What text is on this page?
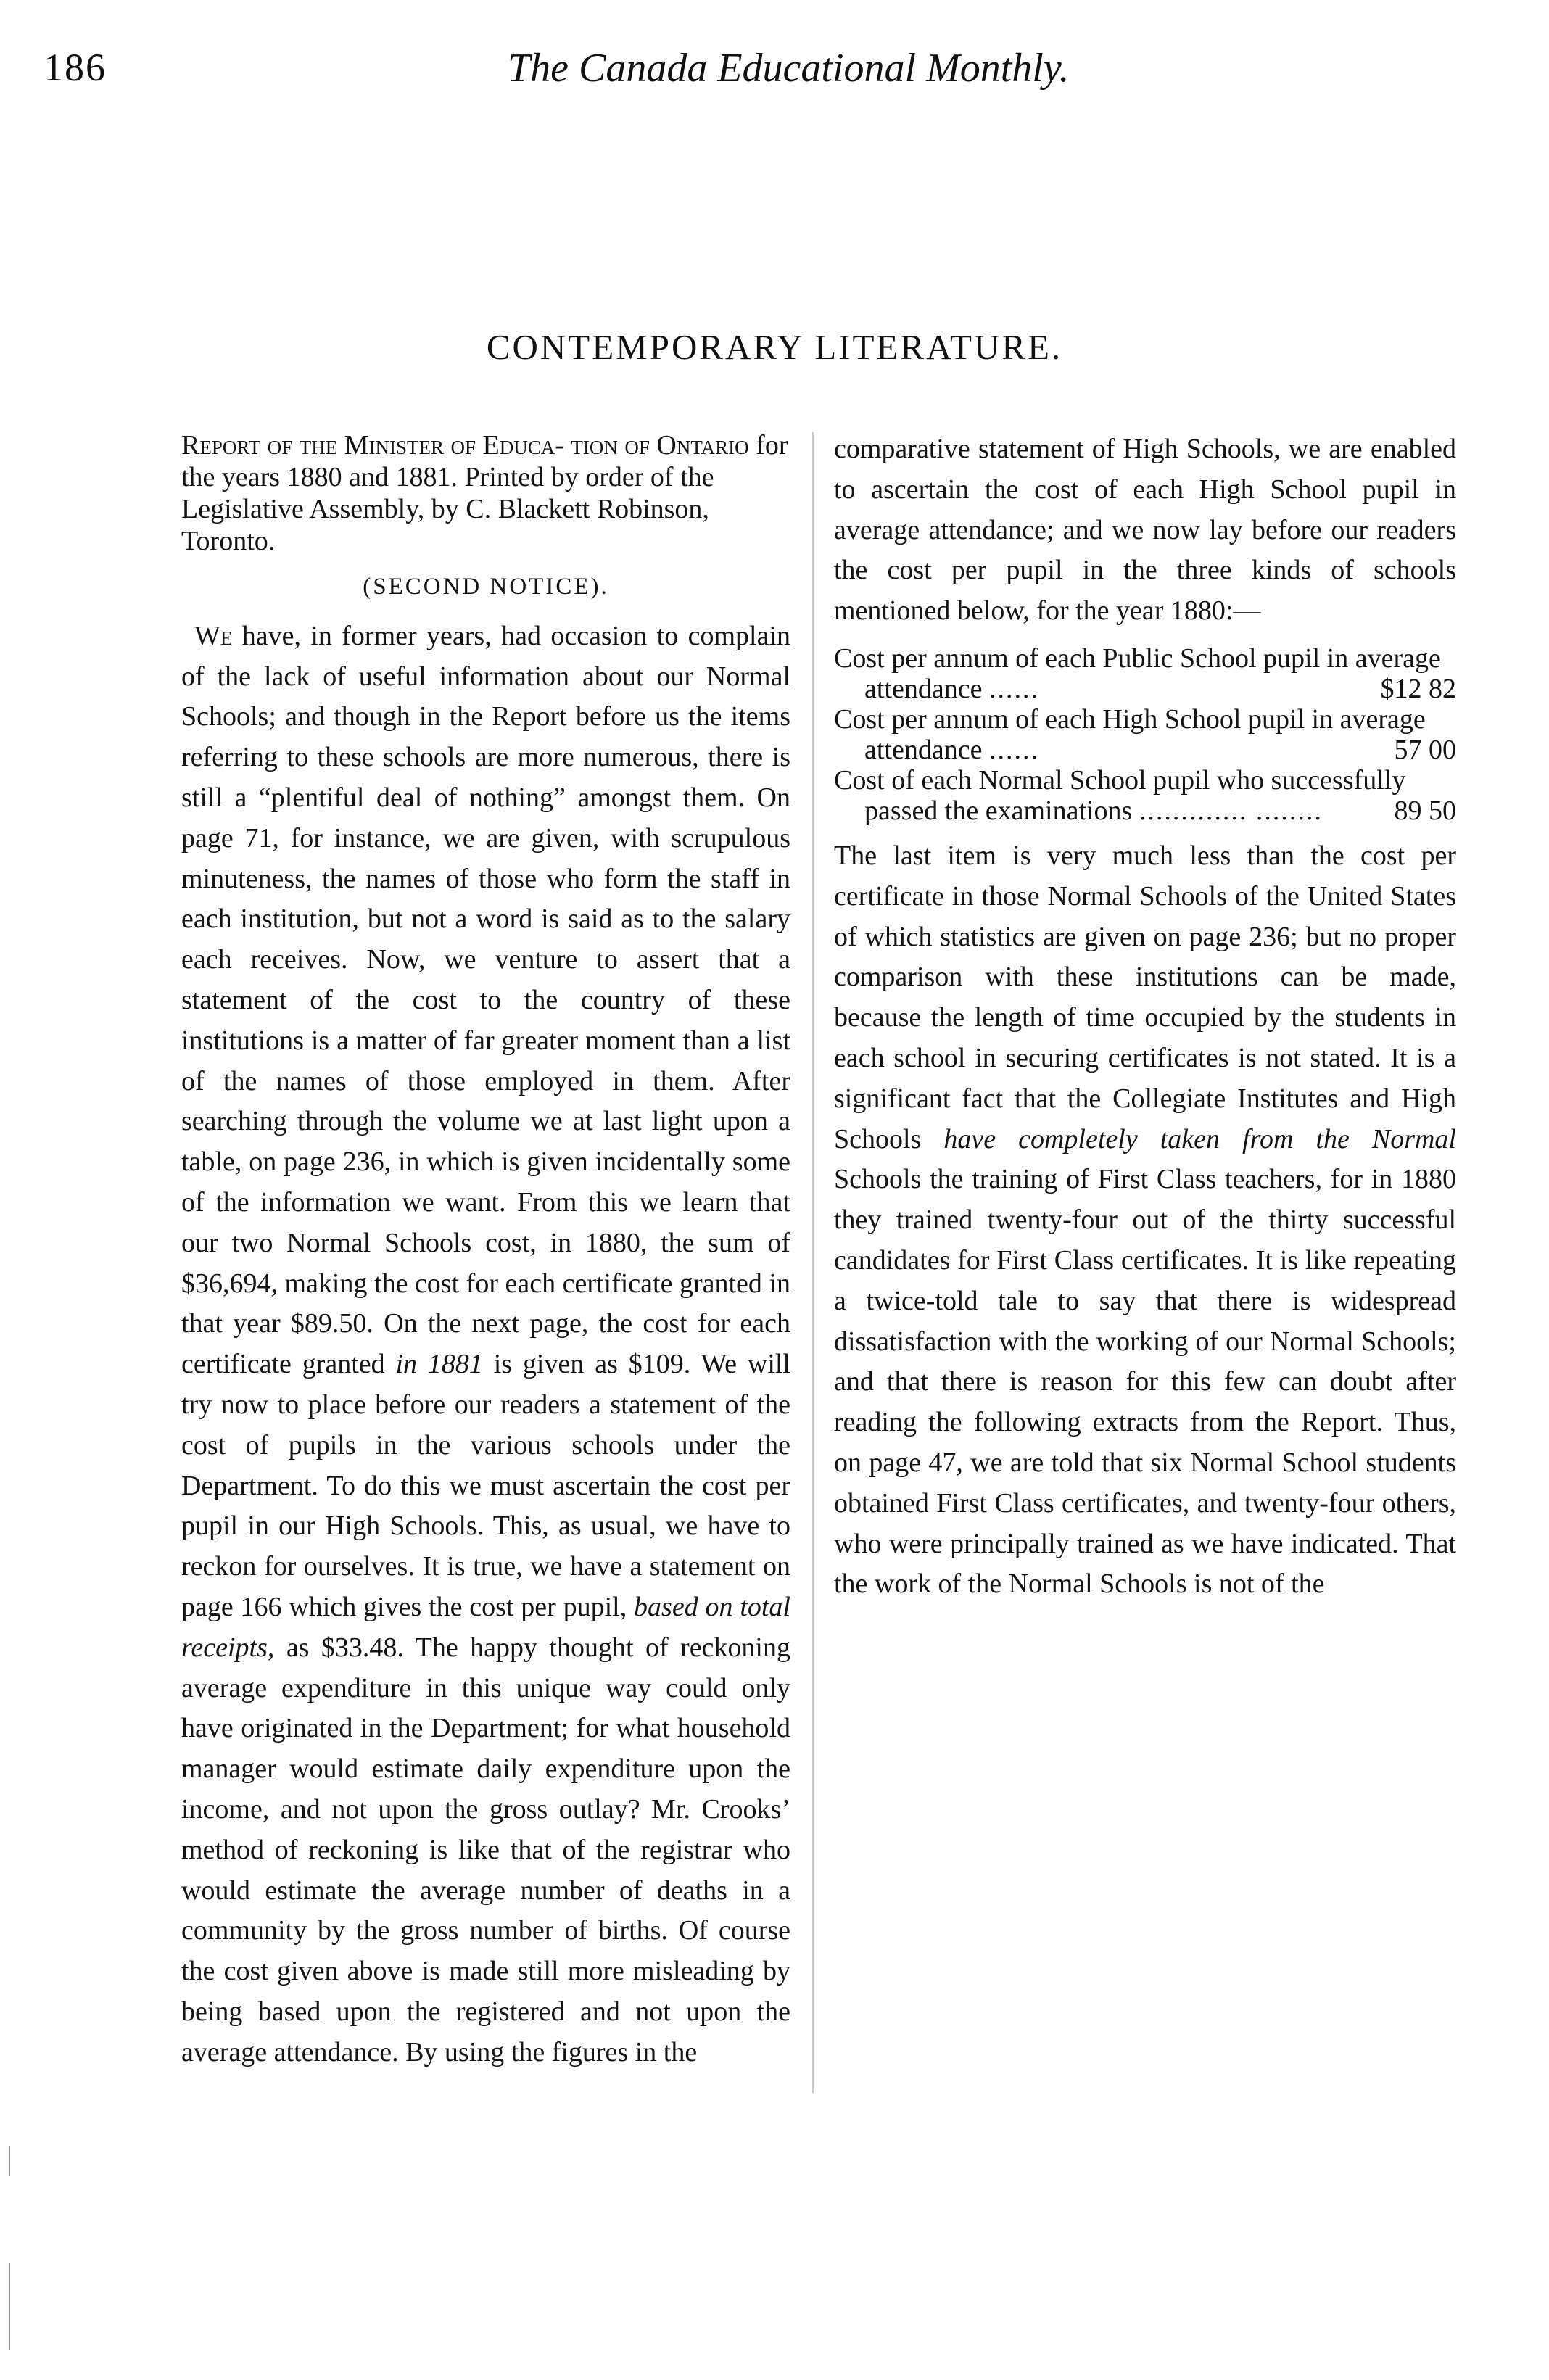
186	The Canada Educational Monthly.
CONTEMPORARY LITERATURE.

Report of the Minister of Educa- tion of Ontario for the years 1880 and 1881. Printed by order of the Legislative Assembly, by C. Blackett Robinson, Toronto.

(SECOND NOTICE).

We have, in former years, had occasion to complain of the lack of useful information about our Normal Schools; and though in the Report before us the items referring to these schools are more numerous, there is still a “plentiful deal of nothing” amongst them. On page 71, for instance, we are given, with scrupulous minuteness, the names of those who form the staff in each institution, but not a word is said as to the salary each receives. Now, we venture to assert that a statement of the cost to the country of these institutions is a matter of far greater moment than a list of the names of those employed in them. After searching through the volume we at last light upon a table, on page 236, in which is given incidentally some of the information we want. From this we learn that our two Normal Schools cost, in 1880, the sum of $36,694, making the cost for each certificate granted in that year $89.50. On the next page, the cost for each certificate granted in 1881 is given as $109. We will try now to place before our readers a statement of the cost of pupils in the various schools under the Department. To do this we must ascertain the cost per pupil in our High Schools. This, as usual, we have to reckon for ourselves. It is true, we have a statement on page 166 which gives the cost per pupil, based on total receipts, as $33.48. The happy thought of reckoning average expenditure in this unique way could only have originated in the Department; for what household manager would estimate daily expenditure upon the income, and not upon the gross outlay? Mr. Crooks’ method of reckoning is like that of the registrar who would estimate the average number of deaths in a community by the gross number of births. Of course the cost given above is made still more misleading by being based upon the registered and not upon the average attendance. By using the figures in the

comparative statement of High Schools, we are enabled to ascertain the cost of each High School pupil in average attendance; and we now lay before our readers the cost per pupil in the three kinds of schools mentioned below, for the year 1880:—

Cost per annum of each Public School pupil in average attendance ......	$12 82
Cost per annum of each High School pupil in average attendance ......	57 00
Cost of each Normal School pupil who successfully passed the examinations ............. ........	89 50

The last item is very much less than the cost per certificate in those Normal Schools of the United States of which statistics are given on page 236; but no proper comparison with these institutions can be made, because the length of time occupied by the students in each school in securing certificates is not stated. It is a significant fact that the Collegiate Institutes and High Schools have completely taken from the Normal Schools the training of First Class teachers, for in 1880 they trained twenty-four out of the thirty successful candidates for First Class certificates. It is like repeating a twice-told tale to say that there is widespread dissatisfaction with the working of our Normal Schools; and that there is reason for this few can doubt after reading the following extracts from the Report. Thus, on page 47, we are told that six Normal School students obtained First Class certificates, and twenty-four others, who were principally trained as we have indicated. That the work of the Normal Schools is not of the
